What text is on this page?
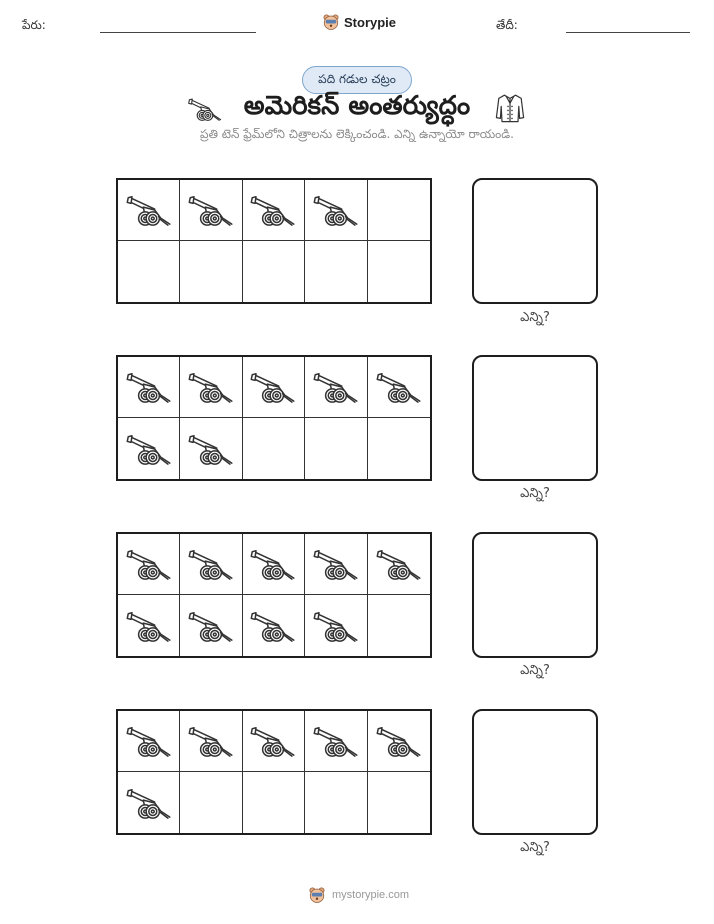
పేరు:	Storypie	తేదీ:
పది గడుల చట్రం
అమెరికన్ అంతర్యుద్ధం
ప్రతి టెన్ ఫ్రేమ్‌లోని చిత్రాలను లెక్కించండి. ఎన్ని ఉన్నాయో రాయండి.
ఎన్ని?
ఎన్ని?
ఎన్ని?
ఎన్ని?
mystorypie.com
